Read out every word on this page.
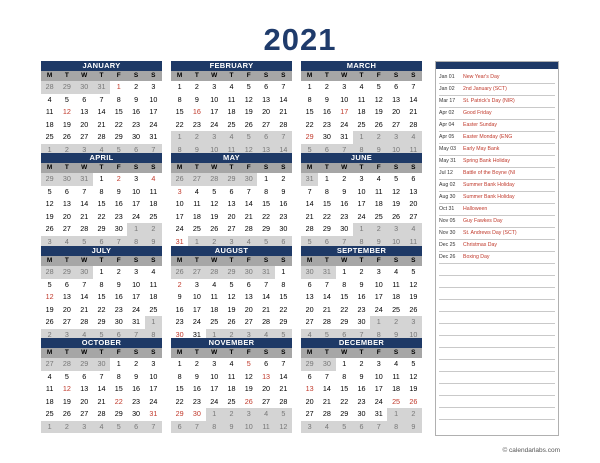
2021
JANUARY
M	T	W	T	F	S	S
28	29	30	31	1	2	3
4	5	6	7	8	9	10
11	12	13	14	15	16	17
18	19	20	21	22	23	24
25	26	27	28	29	30	31
1	2	3	4	5	6	7
FEBRUARY
M	T	W	T	F	S	S
1	2	3	4	5	6	7
8	9	10	11	12	13	14
15	16	17	18	19	20	21
22	23	24	25	26	27	28
1	2	3	4	5	6	7
8	9	10	11	12	13	14
MARCH
M	T	W	T	F	S	S
1	2	3	4	5	6	7
8	9	10	11	12	13	14
15	16	17	18	19	20	21
22	23	24	25	26	27	28
29	30	31	1	2	3	4
5	6	7	8	9	10	11
APRIL
M	T	W	T	F	S	S
29	30	31	1	2	3	4
5	6	7	8	9	10	11
12	13	14	15	16	17	18
19	20	21	22	23	24	25
26	27	28	29	30	1	2
3	4	5	6	7	8	9
MAY
M	T	W	T	F	S	S
26	27	28	29	30	1	2
3	4	5	6	7	8	9
10	11	12	13	14	15	16
17	18	19	20	21	22	23
24	25	26	27	28	29	30
31	1	2	3	4	5	6
JUNE
M	T	W	T	F	S	S
31	1	2	3	4	5	6
7	8	9	10	11	12	13
14	15	16	17	18	19	20
21	22	23	24	25	26	27
28	29	30	1	2	3	4
5	6	7	8	9	10	11
JULY
M	T	W	T	F	S	S
28	29	30	1	2	3	4
5	6	7	8	9	10	11
12	13	14	15	16	17	18
19	20	21	22	23	24	25
26	27	28	29	30	31	1
2	3	4	5	6	7	8
AUGUST
M	T	W	T	F	S	S
26	27	28	29	30	31	1
2	3	4	5	6	7	8
9	10	11	12	13	14	15
16	17	18	19	20	21	22
23	24	25	26	27	28	29
30	31	1	2	3	4	5
SEPTEMBER
M	T	W	T	F	S	S
30	31	1	2	3	4	5
6	7	8	9	10	11	12
13	14	15	16	17	18	19
20	21	22	23	24	25	26
27	28	29	30	1	2	3
4	5	6	7	8	9	10
OCTOBER
M	T	W	T	F	S	S
27	28	29	30	1	2	3
4	5	6	7	8	9	10
11	12	13	14	15	16	17
18	19	20	21	22	23	24
25	26	27	28	29	30	31
1	2	3	4	5	6	7
NOVEMBER
M	T	W	T	F	S	S
1	2	3	4	5	6	7
8	9	10	11	12	13	14
15	16	17	18	19	20	21
22	23	24	25	26	27	28
29	30	1	2	3	4	5
6	7	8	9	10	11	12
DECEMBER
M	T	W	T	F	S	S
29	30	1	2	3	4	5
6	7	8	9	10	11	12
13	14	15	16	17	18	19
20	21	22	23	24	25	26
27	28	29	30	31	1	2
3	4	5	6	7	8	9
Jan 01 New Year's Day
Jan 02 2nd January (SCT)
Mar 17 St. Patrick's Day (NIR)
Apr 02 Good Friday
Apr 04 Easter Sunday
Apr 05 Easter Monday (ENG
May 03 Early May Bank
May 31 Spring Bank Holiday
Jul 12 Battle of the Boyne (NI
Aug 02 Summer Bank Holiday
Aug 30 Summer Bank Holiday
Oct 31 Halloween
Nov 05 Guy Fawkes Day
Nov 30 St. Andrews Day (SCT)
Dec 25 Christmas Day
Dec 26 Boxing Day
© calendarlabs.com
